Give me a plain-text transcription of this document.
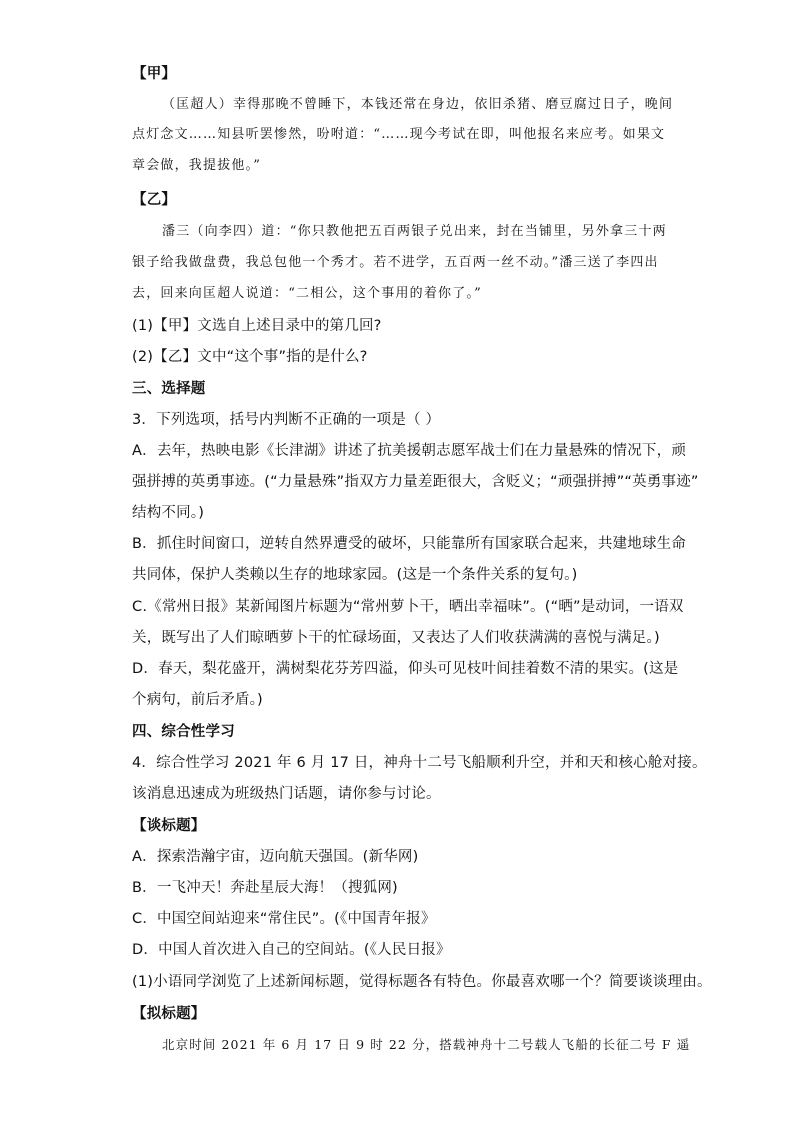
【甲】
（匡超人）幸得那晚不曾睡下，本钱还常在身边，依旧杀猪、磨豆腐过日子，晚间
点灯念文……知县听罢惨然，吩咐道：“……现今考试在即，叫他报名来应考。如果文
章会做，我提拔他。”
【乙】
潘三（向李四）道：“你只教他把五百两银子兑出来，封在当铺里，另外拿三十两
银子给我做盘费，我总包他一个秀才。若不进学，五百两一丝不动。”潘三送了李四出
去，回来向匡超人说道：“二相公，这个事用的着你了。”
(1)【甲】文选自上述目录中的第几回?
(2)【乙】文中“这个事”指的是什么?
三、选择题
3．下列选项，括号内判断不正确的一项是（ ）
A．去年，热映电影《长津湖》讲述了抗美援朝志愿军战士们在力量悬殊的情况下，顽
强拼搏的英勇事迹。(“力量悬殊”指双方力量差距很大，含贬义；“顽强拼搏”“英勇事迹”
结构不同。)
B．抓住时间窗口，逆转自然界遭受的破坏，只能靠所有国家联合起来，共建地球生命
共同体，保护人类赖以生存的地球家园。(这是一个条件关系的复句。)
C.《常州日报》某新闻图片标题为“常州萝卜干，晒出幸福味”。(“晒”是动词，一语双
关，既写出了人们晾晒萝卜干的忙碌场面，又表达了人们收获满满的喜悦与满足。)
D．春天，梨花盛开，满树梨花芬芳四溢，仰头可见枝叶间挂着数不清的果实。(这是
个病句，前后矛盾。)
四、综合性学习
4．综合性学习 2021 年 6 月 17 日，神舟十二号飞船顺利升空，并和天和核心舱对接。
该消息迅速成为班级热门话题，请你参与讨论。
【谈标题】
A．探索浩瀚宇宙，迈向航天强国。(新华网)
B．一飞冲天！奔赴星辰大海！（搜狐网)
C．中国空间站迎来“常住民”。(《中国青年报》
D．中国人首次进入自己的空间站。(《人民日报》
(1)小语同学浏览了上述新闻标题，觉得标题各有特色。你最喜欢哪一个？简要谈谈理由。
【拟标题】
北京时间 2021 年 6 月 17 日 9 时 22 分，搭载神舟十二号载人飞船的长征二号 F 遥
